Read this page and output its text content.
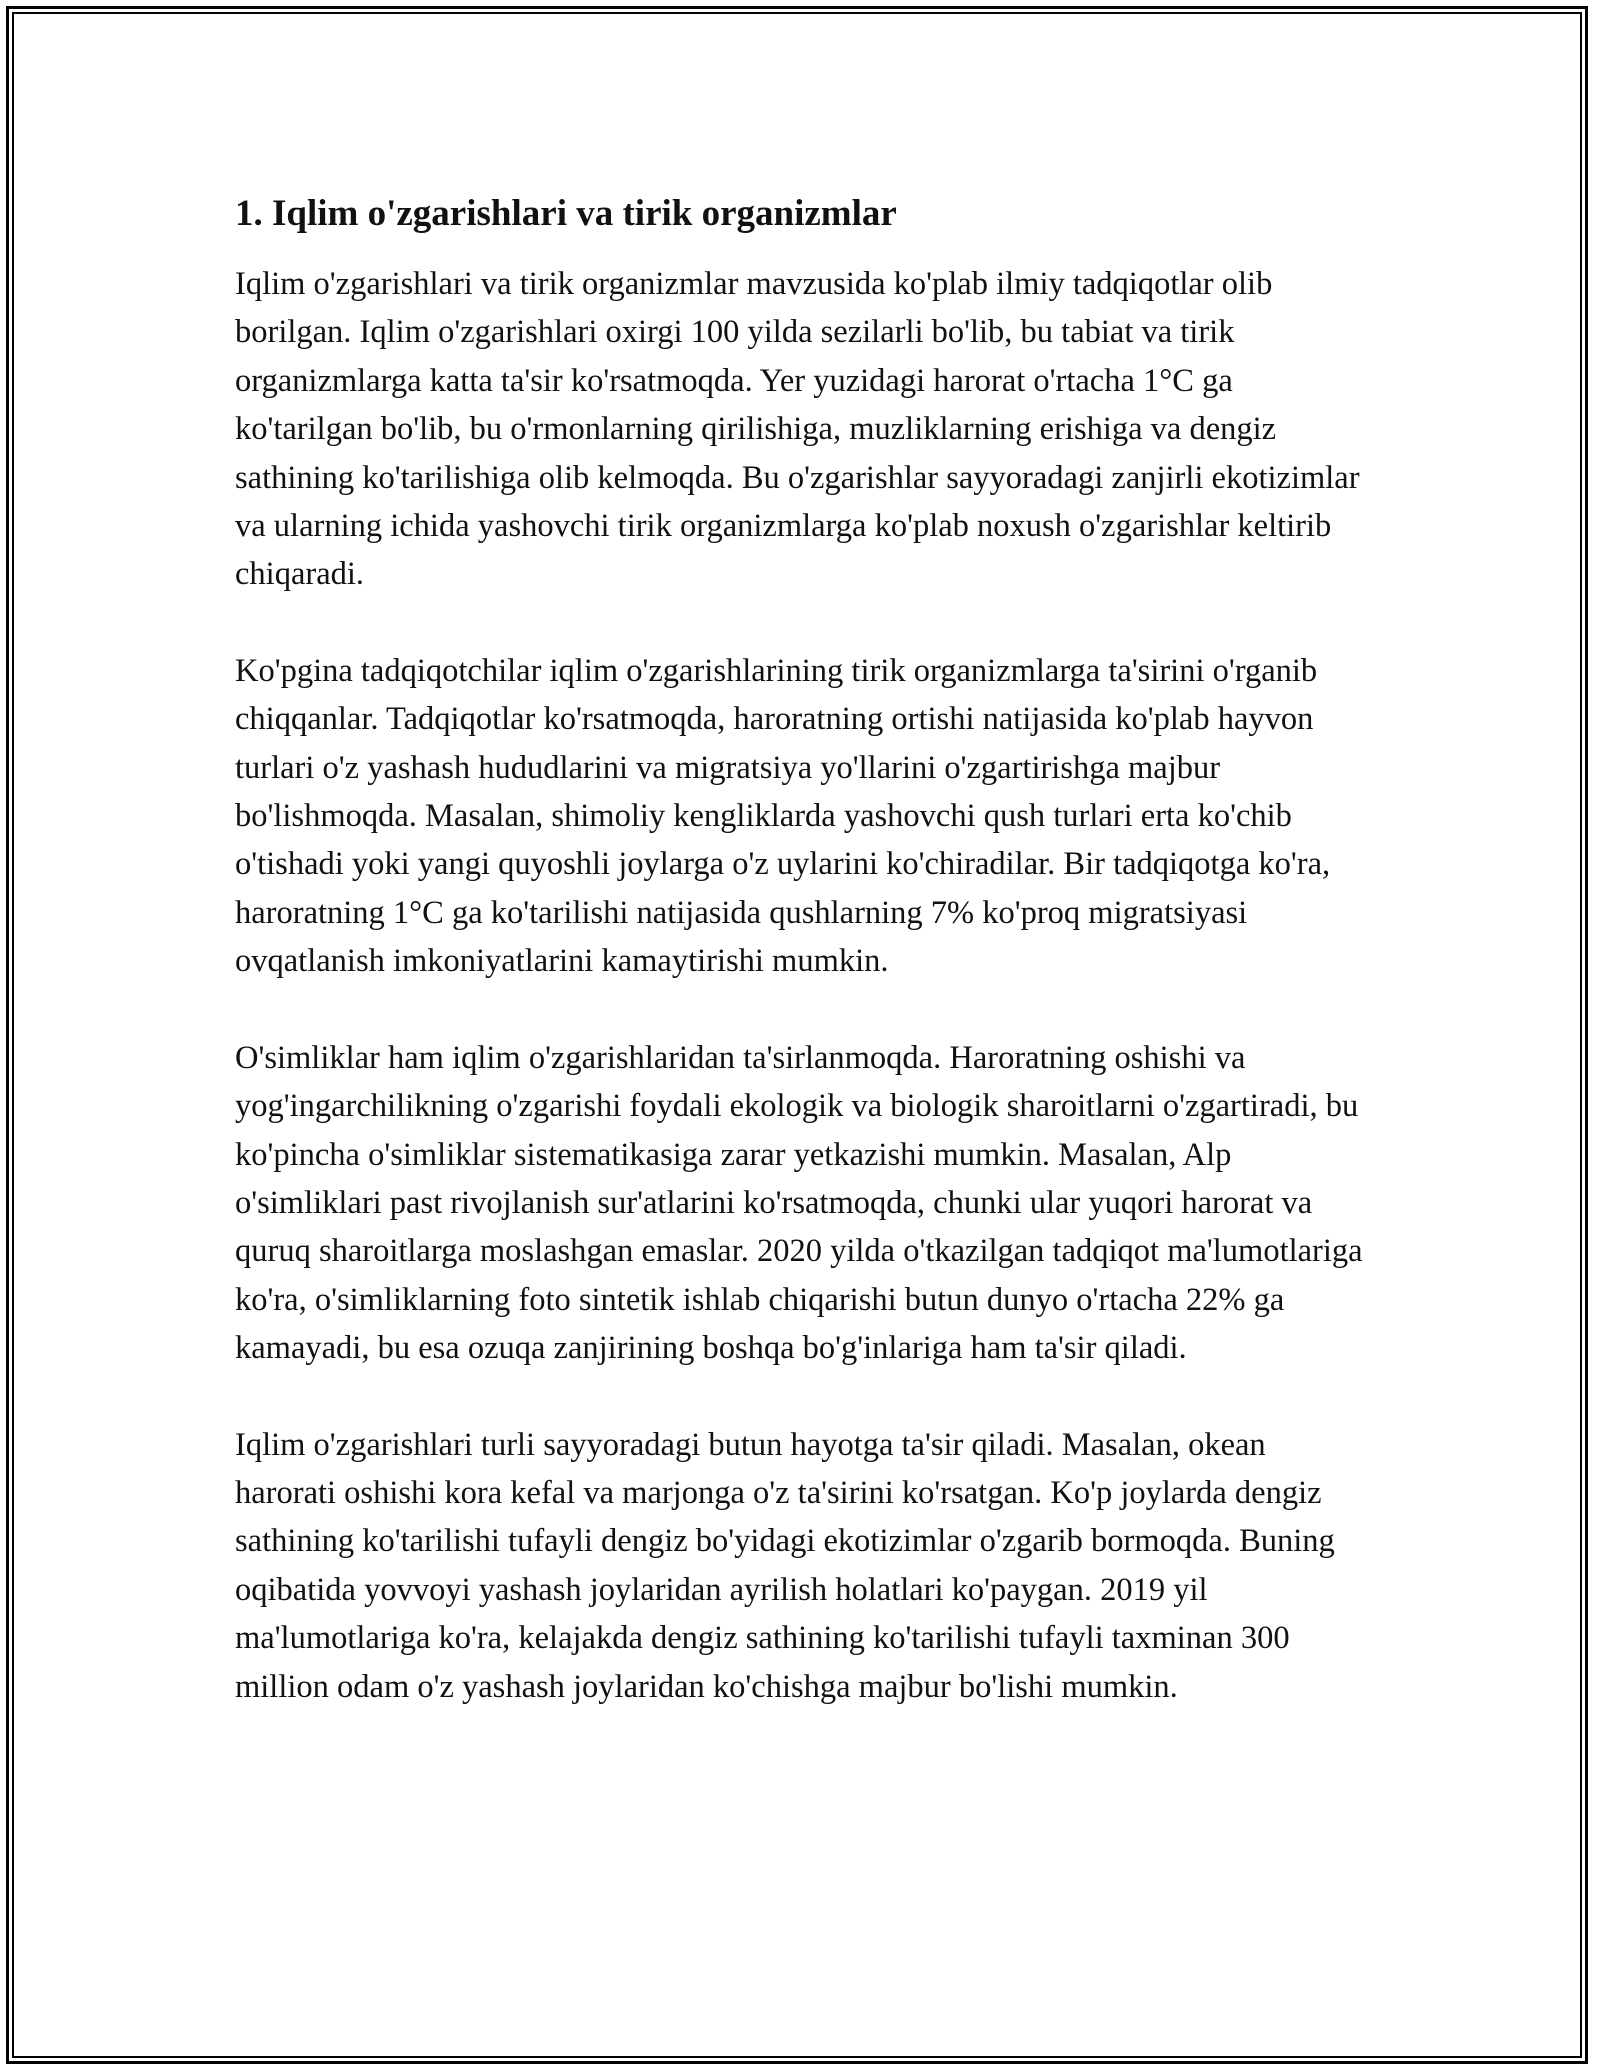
1. Iqlim o'zgarishlari va tirik organizmlar

Iqlim o'zgarishlari va tirik organizmlar mavzusida ko'plab ilmiy tadqiqotlar olib borilgan. Iqlim o'zgarishlari oxirgi 100 yilda sezilarli bo'lib, bu tabiat va tirik organizmlarga katta ta'sir ko'rsatmoqda. Yer yuzidagi harorat o'rtacha 1°C ga ko'tarilgan bo'lib, bu o'rmonlarning qirilishiga, muzliklarning erishiga va dengiz sathining ko'tarilishiga olib kelmoqda. Bu o'zgarishlar sayyoradagi zanjirli ekotizimlar va ularning ichida yashovchi tirik organizmlarga ko'plab noxush o'zgarishlar keltirib chiqaradi.

Ko'pgina tadqiqotchilar iqlim o'zgarishlarining tirik organizmlarga ta'sirini o'rganib chiqqanlar. Tadqiqotlar ko'rsatmoqda, haroratning ortishi natijasida ko'plab hayvon turlari o'z yashash hududlarini va migratsiya yo'llarini o'zgartirishga majbur bo'lishmoqda. Masalan, shimoliy kengliklarda yashovchi qush turlari erta ko'chib o'tishadi yoki yangi quyoshli joylarga o'z uylarini ko'chiradilar. Bir tadqiqotga ko'ra, haroratning 1°C ga ko'tarilishi natijasida qushlarning 7% ko'proq migratsiyasi ovqatlanish imkoniyatlarini kamaytirishi mumkin.

O'simliklar ham iqlim o'zgarishlaridan ta'sirlanmoqda. Haroratning oshishi va yog'ingarchilikning o'zgarishi foydali ekologik va biologik sharoitlarni o'zgartiradi, bu ko'pincha o'simliklar sistematikasiga zarar yetkazishi mumkin. Masalan, Alp o'simliklari past rivojlanish sur'atlarini ko'rsatmoqda, chunki ular yuqori harorat va quruq sharoitlarga moslashgan emaslar. 2020 yilda o'tkazilgan tadqiqot ma'lumotlariga ko'ra, o'simliklarning foto sintetik ishlab chiqarishi butun dunyo o'rtacha 22% ga kamayadi, bu esa ozuqa zanjirining boshqa bo'g'inlariga ham ta'sir qiladi.

Iqlim o'zgarishlari turli sayyoradagi butun hayotga ta'sir qiladi. Masalan, okean harorati oshishi kora kefal va marjonga o'z ta'sirini ko'rsatgan. Ko'p joylarda dengiz sathining ko'tarilishi tufayli dengiz bo'yidagi ekotizimlar o'zgarib bormoqda. Buning oqibatida yovvoyi yashash joylaridan ayrilish holatlari ko'paygan. 2019 yil ma'lumotlariga ko'ra, kelajakda dengiz sathining ko'tarilishi tufayli taxminan 300 million odam o'z yashash joylaridan ko'chishga majbur bo'lishi mumkin.
